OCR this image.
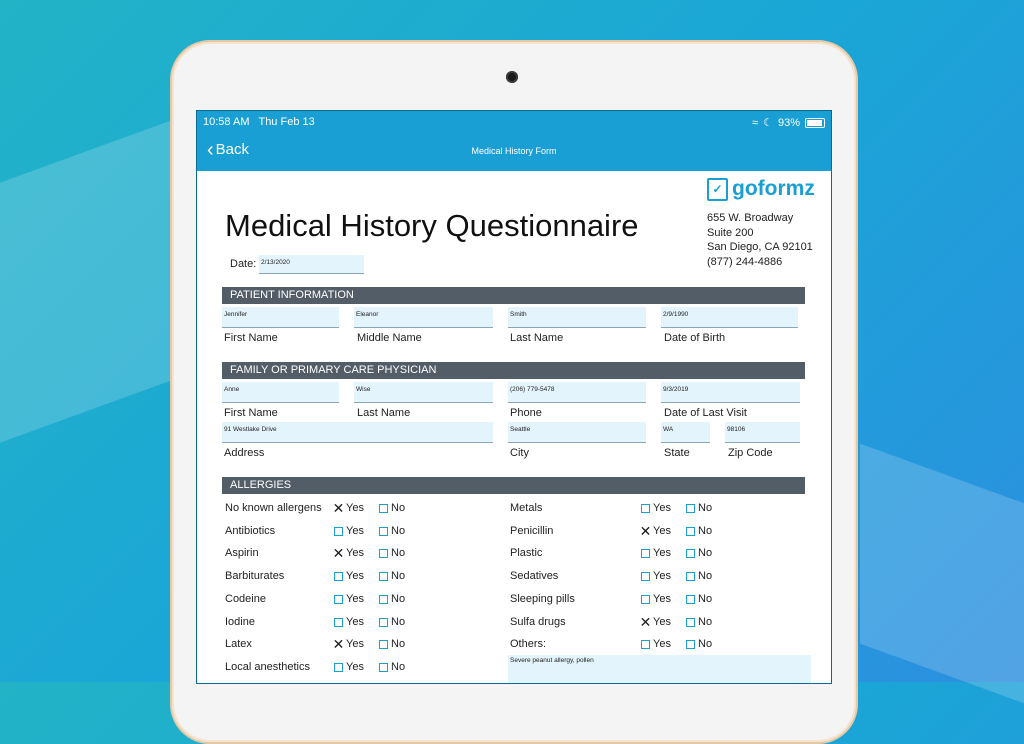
10:58 AM Thu Feb 13	≈ ☾ 93%
‹ Back	Medical History Form
✓ goformz
Medical History Questionnaire	655 W. Broadway
Suite 200
San Diego, CA 92101
(877) 244-4886
Date: 2/13/2020
PATIENT INFORMATION
Jennifer	Eleanor	Smith	2/9/1990
First Name	Middle Name	Last Name	Date of Birth
FAMILY OR PRIMARY CARE PHYSICIAN
Anne	Wise	(206) 779-5478	9/3/2019
First Name	Last Name	Phone	Date of Last Visit
91 Westlake Drive	Seattle	WA	98106
Address	City	State	Zip Code
ALLERGIES
No known allergens ✕ Yes No
Antibiotics	Yes No
Aspirin	✕ Yes No
Barbiturates	Yes No
Codeine	Yes No
Iodine	Yes No
Latex	✕ Yes No
Local anesthetics	Yes No
Metals	Yes No
Penicillin	✕ Yes No
Plastic	Yes No
Sedatives	Yes No
Sleeping pills	Yes No
Sulfa drugs	✕ Yes No
Others:	Yes No
Severe peanut allergy, pollen
